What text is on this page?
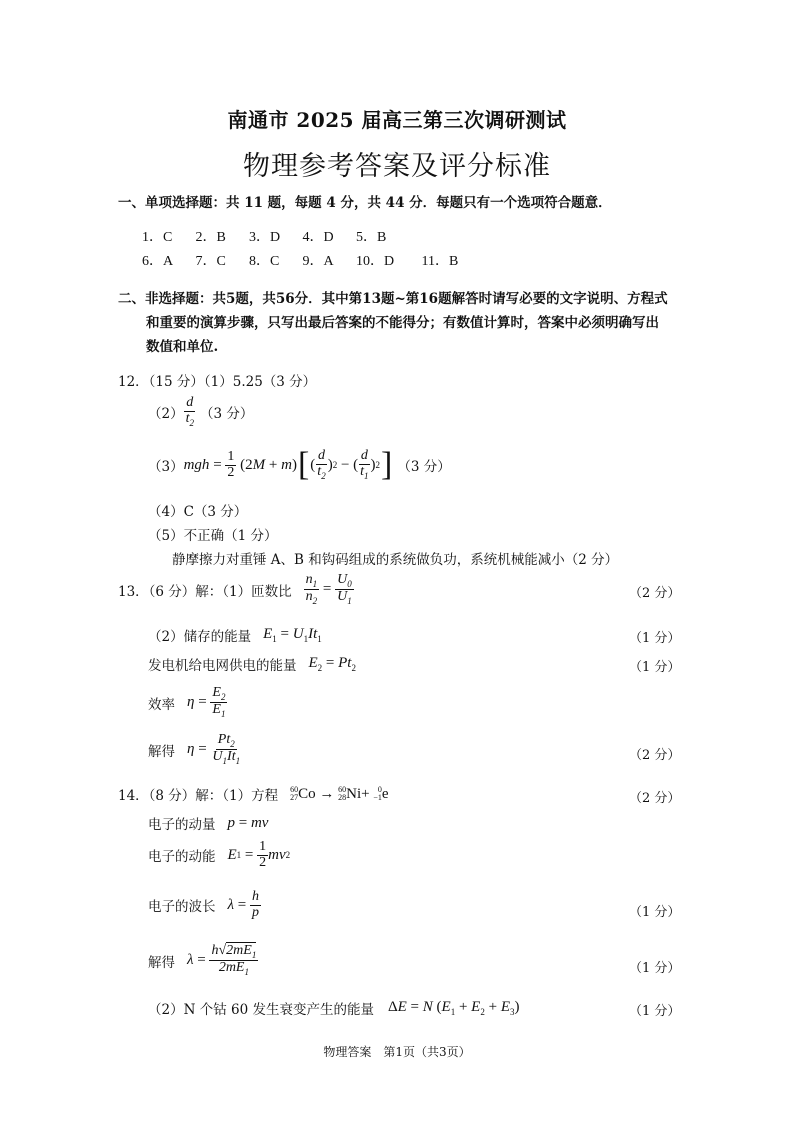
南通市 2025 届高三第三次调研测试
物理参考答案及评分标准
一、单项选择题：共 11 题，每题 4 分，共 44 分．每题只有一个选项符合题意．
1．C 2．B 3．D 4．D 5．B
6．A 7．C 8．C 9．A 10．D 11．B
二、非选择题：共5题，共56分．其中第13题~第16题解答时请写必要的文字说明、方程式
和重要的演算步骤，只写出最后答案的不能得分；有数值计算时，答案中必须明确写出
数值和单位.
12．（15 分）（1）5.25（3 分）
$(2) \frac{d}{t_2} (3$ 分）
（3） mgh = $\frac{1}{2} (2$ M + m ) [ ( $\frac{d}{t_2}$ ) 2 − ( $\frac{d}{t_1}$ ) 2 ] （3 分）
（4）C（3 分）
（5）不正确（1 分）
静摩擦力对重锤 A、B 和钩码组成的系统做负功，系统机械能减小（2 分）
13．（6 分）解：（1）匝数比 $\frac{n_1}{n_2} = \frac{U_0}{U_1}$	（2 分）
（2）储存的能量 $E_1 = U_1It_1$	（1 分）
发电机给电网供电的能量 $E_2 = Pt_2$	（1 分）
效率 $\eta = \frac{E_2}{E_1}$
解得 $\eta = \frac{Pt_2}{U_1It_1}$	（2 分）
14．（8 分）解：（1）方程 60
27 Co → 60
28 Ni+ 0
−1 e	（2 分）
电子的动量 p = mv
电子的动能 E $1 = \frac{1}{2}$ mv 2
电子的波长 $\lambda = \frac{h}{p}$	（1 分）
解得 $\lambda = \frac{h√2mE_1}{2mE_1}$	（1 分）
（2）N 个钴 60 发生衰变产生的能量 ΔE = N $(E_1 + E_2 + E_3)$	（1 分）
物理答案　第1页（共3页）
